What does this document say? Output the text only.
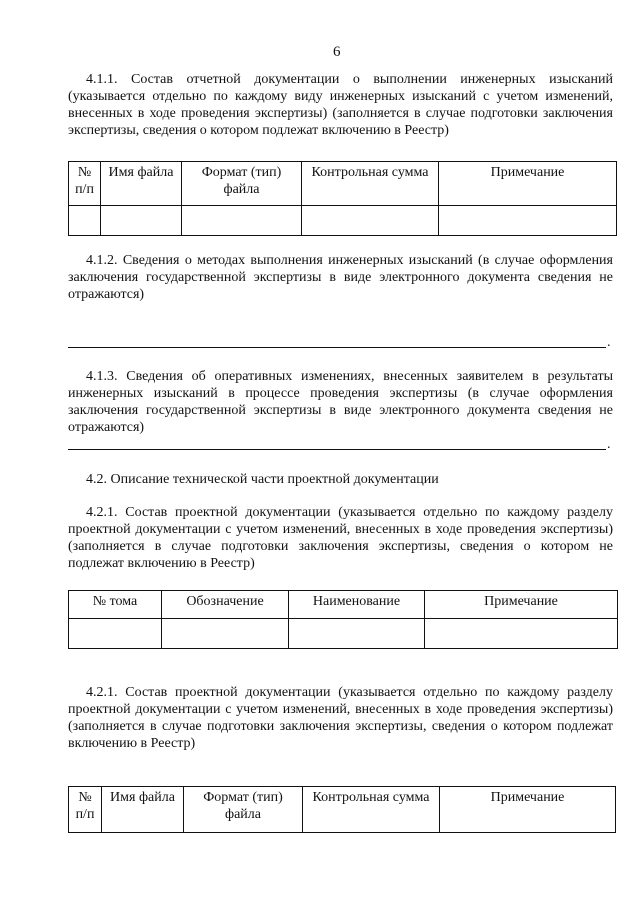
6
4.1.1. Состав отчетной документации о выполнении инженерных изысканий (указывается отдельно по каждому виду инженерных изысканий с учетом изменений, внесенных в ходе проведения экспертизы) (заполняется в случае подготовки заключения экспертизы, сведения о котором подлежат включению в Реестр)
№ п/п	Имя файла	Формат (тип) файла	Контрольная сумма	Примечание

4.1.2. Сведения о методах выполнения инженерных изысканий (в случае оформления заключения государственной экспертизы в виде электронного документа сведения не отражаются)
.
4.1.3. Сведения об оперативных изменениях, внесенных заявителем в результаты инженерных изысканий в процессе проведения экспертизы (в случае оформления заключения государственной экспертизы в виде электронного документа сведения не отражаются)
.
4.2. Описание технической части проектной документации
4.2.1. Состав проектной документации (указывается отдельно по каждому разделу проектной документации с учетом изменений, внесенных в ходе проведения экспертизы) (заполняется в случае подготовки заключения экспертизы, сведения о котором не подлежат включению в Реестр)
№ тома	Обозначение	Наименование	Примечание

4.2.1. Состав проектной документации (указывается отдельно по каждому разделу проектной документации с учетом изменений, внесенных в ходе проведения экспертизы) (заполняется в случае подготовки заключения экспертизы, сведения о котором подлежат включению в Реестр)
№ п/п	Имя файла	Формат (тип) файла	Контрольная сумма	Примечание
